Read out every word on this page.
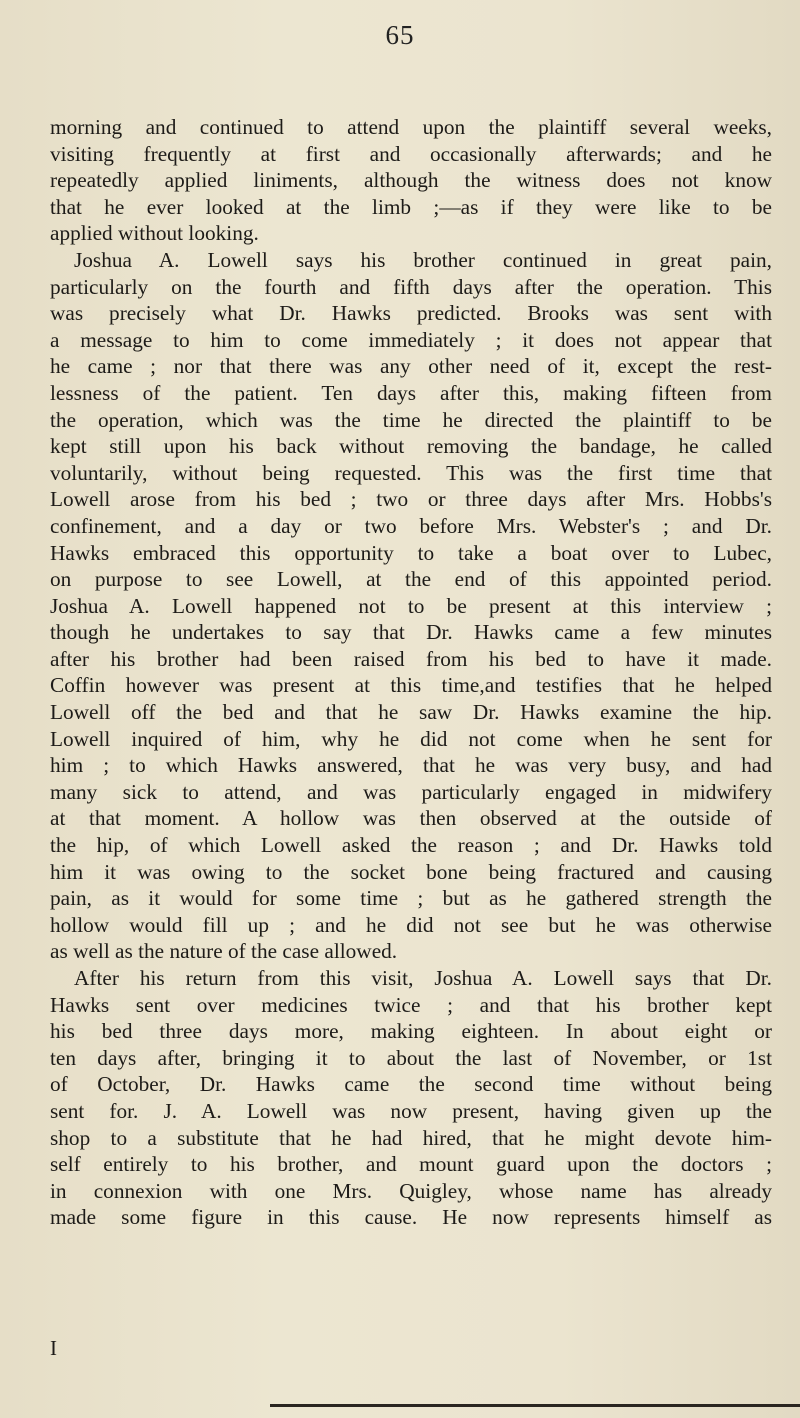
65
morning and continued to attend upon the plaintiff several weeks,
visiting frequently at first and occasionally afterwards; and he
repeatedly applied liniments, although the witness does not know
that he ever looked at the limb ;—as if they were like to be
applied without looking.
Joshua A. Lowell says his brother continued in great pain,
particularly on the fourth and fifth days after the operation. This
was precisely what Dr. Hawks predicted. Brooks was sent with
a message to him to come immediately ; it does not appear that
he came ; nor that there was any other need of it, except the rest-
lessness of the patient. Ten days after this, making fifteen from
the operation, which was the time he directed the plaintiff to be
kept still upon his back without removing the bandage, he called
voluntarily, without being requested. This was the first time that
Lowell arose from his bed ; two or three days after Mrs. Hobbs's
confinement, and a day or two before Mrs. Webster's ; and Dr.
Hawks embraced this opportunity to take a boat over to Lubec,
on purpose to see Lowell, at the end of this appointed period.
Joshua A. Lowell happened not to be present at this interview ;
though he undertakes to say that Dr. Hawks came a few minutes
after his brother had been raised from his bed to have it made.
Coffin however was present at this time,and testifies that he helped
Lowell off the bed and that he saw Dr. Hawks examine the hip.
Lowell inquired of him, why he did not come when he sent for
him ; to which Hawks answered, that he was very busy, and had
many sick to attend, and was particularly engaged in midwifery
at that moment. A hollow was then observed at the outside of
the hip, of which Lowell asked the reason ; and Dr. Hawks told
him it was owing to the socket bone being fractured and causing
pain, as it would for some time ; but as he gathered strength the
hollow would fill up ; and he did not see but he was otherwise
as well as the nature of the case allowed.
After his return from this visit, Joshua A. Lowell says that Dr.
Hawks sent over medicines twice ; and that his brother kept
his bed three days more, making eighteen. In about eight or
ten days after, bringing it to about the last of November, or 1st
of October, Dr. Hawks came the second time without being
sent for. J. A. Lowell was now present, having given up the
shop to a substitute that he had hired, that he might devote him-
self entirely to his brother, and mount guard upon the doctors ;
in connexion with one Mrs. Quigley, whose name has already
made some figure in this cause. He now represents himself as
I
